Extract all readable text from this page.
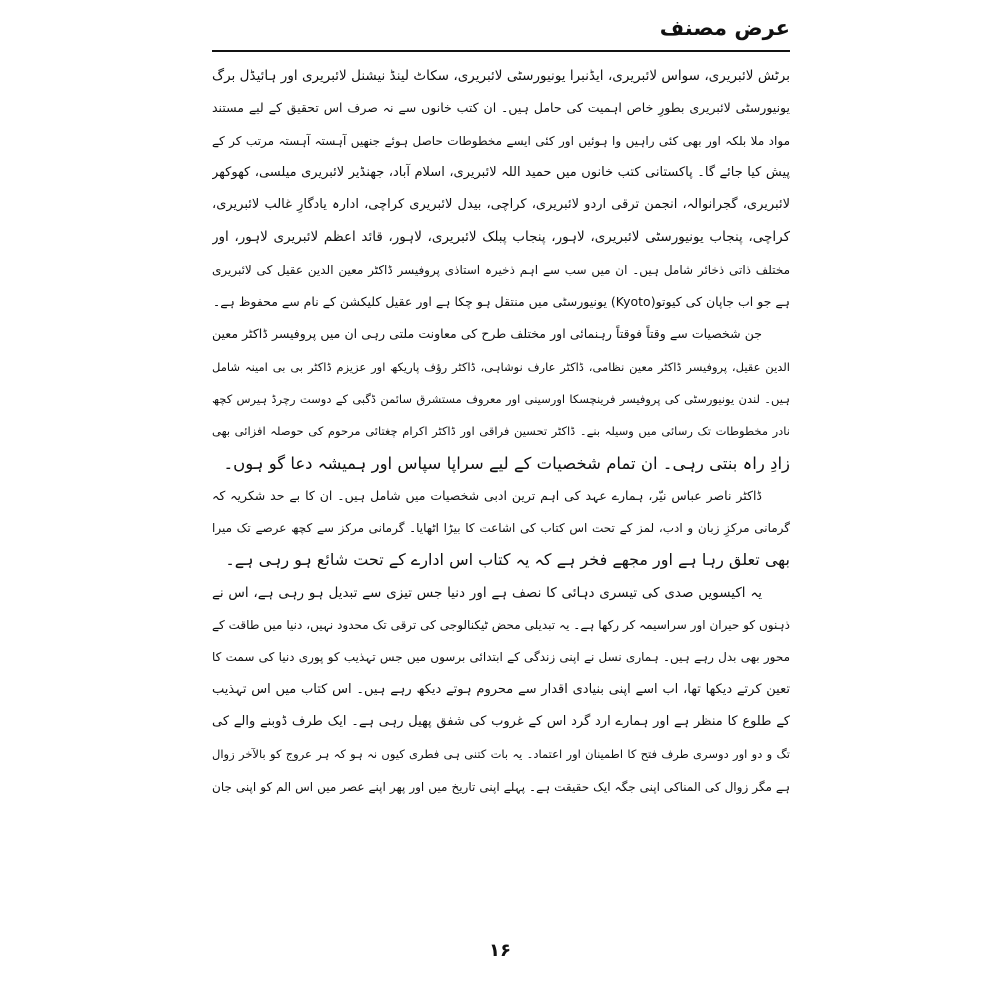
عرض مصنف
برٹش لائبریری، سواس لائبریری، ایڈنبرا یونیورسٹی لائبریری، سکاٹ لینڈ نیشنل لائبریری اور ہائیڈل برگ
یونیورسٹی لائبریری بطورِ خاص اہمیت کی حامل ہیں۔ ان کتب خانوں سے نہ صرف اس تحقیق کے لیے مستند
مواد ملا بلکہ اور بھی کئی راہیں وا ہوئیں اور کئی ایسے مخطوطات حاصل ہوئے جنھیں آہستہ آہستہ مرتب کر کے
پیش کیا جائے گا۔ پاکستانی کتب خانوں میں حمید اللہ لائبریری، اسلام آباد، جھنڈیر لائبریری میلسی، کھوکھر
لائبریری، گجرانوالہ، انجمن ترقی اردو لائبریری، کراچی، بیدل لائبریری کراچی، ادارہ یادگارِ غالب لائبریری،
کراچی، پنجاب یونیورسٹی لائبریری، لاہور، پنجاب پبلک لائبریری، لاہور، قائد اعظم لائبریری لاہور، اور
مختلف ذاتی ذخائر شامل ہیں۔ ان میں سب سے اہم ذخیرہ استاذی پروفیسر ڈاکٹر معین الدین عقیل کی لائبریری
ہے جو اب جاپان کی کیوتو(Kyoto) یونیورسٹی میں منتقل ہو چکا ہے اور عقیل کلیکشن کے نام سے محفوظ ہے۔
جن شخصیات سے وقتاً فوقتاً رہنمائی اور مختلف طرح کی معاونت ملتی رہی ان میں پروفیسر ڈاکٹر معین
الدین عقیل، پروفیسر ڈاکٹر معین نظامی، ڈاکٹر عارف نوشاہی، ڈاکٹر رؤف پاریکھ اور عزیزم ڈاکٹر بی بی امینہ شامل
ہیں۔ لندن یونیورسٹی کی پروفیسر فرینچسکا اورسینی اور معروف مستشرق سائمن ڈگبی کے دوست رچرڈ ہیرس کچھ
نادر مخطوطات تک رسائی میں وسیلہ بنے۔ ڈاکٹر تحسین فراقی اور ڈاکٹر اکرام چغتائی مرحوم کی حوصلہ افزائی بھی
زادِ راہ بنتی رہی۔ ان تمام شخصیات کے لیے سراپا سپاس اور ہمیشہ دعا گو ہوں۔
ڈاکٹر ناصر عباس نیّر، ہمارے عہد کی اہم ترین ادبی شخصیات میں شامل ہیں۔ ان کا بے حد شکریہ کہ
گرمانی مرکزِ زبان و ادب، لمز کے تحت اس کتاب کی اشاعت کا بیڑا اٹھایا۔ گرمانی مرکز سے کچھ عرصے تک میرا
بھی تعلق رہا ہے اور مجھے فخر ہے کہ یہ کتاب اس ادارے کے تحت شائع ہو رہی ہے۔
یہ اکیسویں صدی کی تیسری دہائی کا نصف ہے اور دنیا جس تیزی سے تبدیل ہو رہی ہے، اس نے
ذہنوں کو حیران اور سراسیمہ کر رکھا ہے۔ یہ تبدیلی محض ٹیکنالوجی کی ترقی تک محدود نہیں، دنیا میں طاقت کے
محور بھی بدل رہے ہیں۔ ہماری نسل نے اپنی زندگی کے ابتدائی برسوں میں جس تہذیب کو پوری دنیا کی سمت کا
تعین کرتے دیکھا تھا، اب اسے اپنی بنیادی اقدار سے محروم ہوتے دیکھ رہے ہیں۔ اس کتاب میں اس تہذیب
کے طلوع کا منظر ہے اور ہمارے ارد گرد اس کے غروب کی شفق پھیل رہی ہے۔ ایک طرف ڈوبنے والے کی
تگ و دو اور دوسری طرف فتح کا اطمینان اور اعتماد۔ یہ بات کتنی ہی فطری کیوں نہ ہو کہ ہر عروج کو بالآخر زوال
ہے مگر زوال کی المناکی اپنی جگہ ایک حقیقت ہے۔ پہلے اپنی تاریخ میں اور پھر اپنے عصر میں اس الم کو اپنی جان
۱۶
